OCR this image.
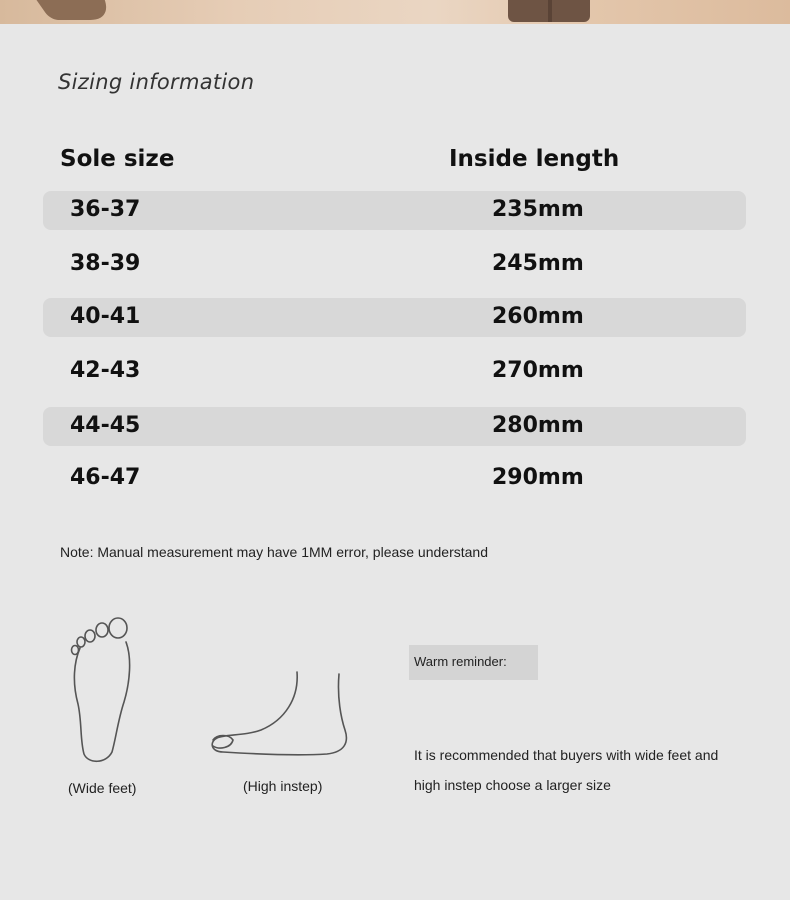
Sizing information
Sole size	Inside length
36-37	235mm
38-39	245mm
40-41	260mm
42-43	270mm
44-45	280mm
46-47	290mm
Note: Manual measurement may have 1MM error, please understand
(Wide feet)	(High instep)
Warm reminder:
It is recommended that buyers with wide feet and
high instep choose a larger size
